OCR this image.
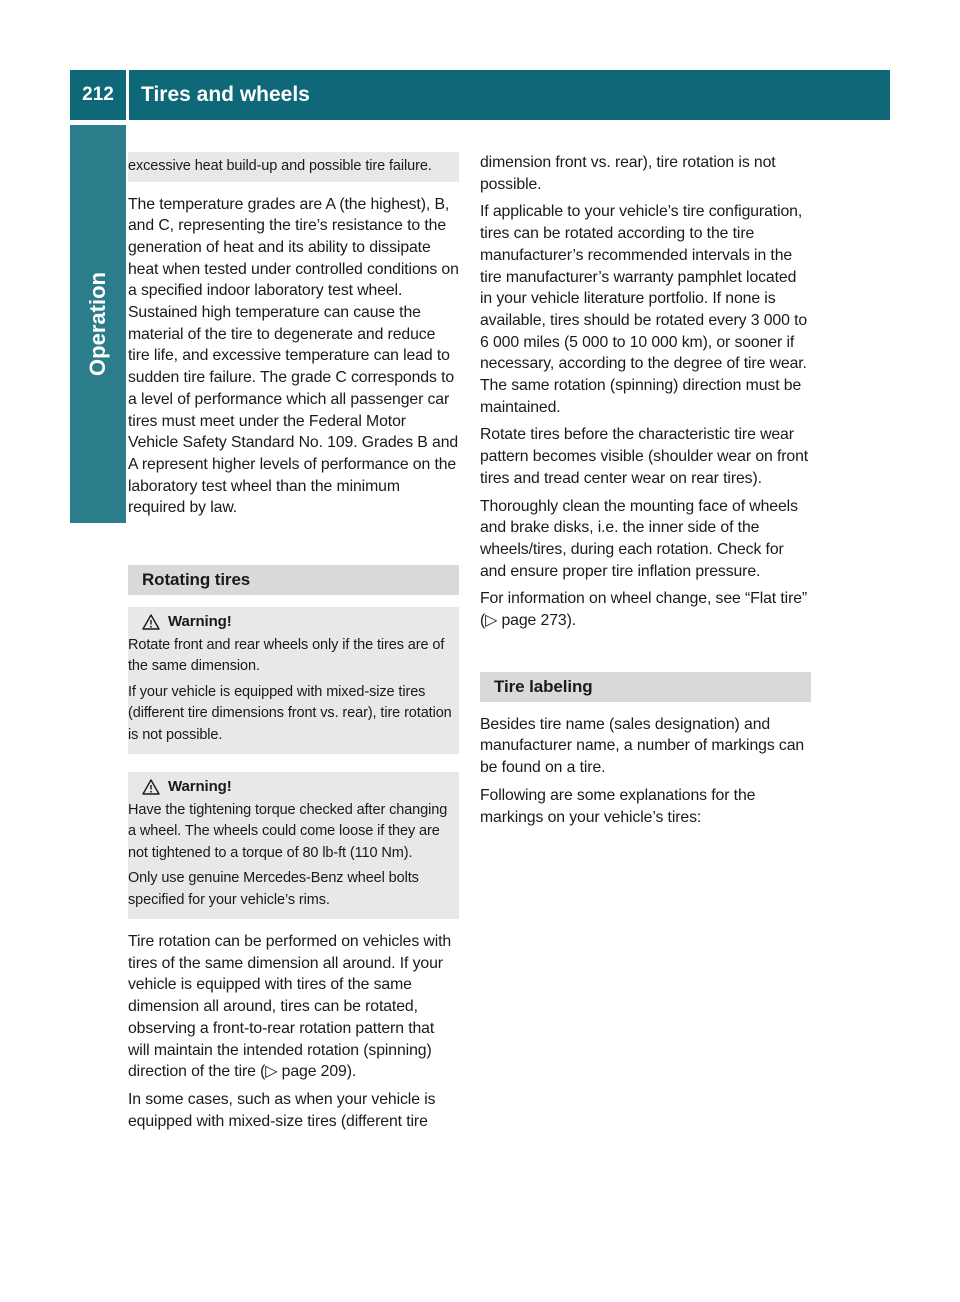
212	Tires and wheels
Operation

excessive heat build-up and possible tire failure.

The temperature grades are A (the highest), B, and C, representing the tire’s resistance to the generation of heat and its ability to dissipate heat when tested under controlled conditions on a specified indoor laboratory test wheel. Sustained high temperature can cause the material of the tire to degenerate and reduce tire life, and excessive temperature can lead to sudden tire failure. The grade C corresponds to a level of performance which all passenger car tires must meet under the Federal Motor Vehicle Safety Standard No. 109. Grades B and A represent higher levels of performance on the laboratory test wheel than the minimum required by law.

Rotating tires
Warning!

Rotate front and rear wheels only if the tires are of the same dimension.

If your vehicle is equipped with mixed-size tires (different tire dimensions front vs. rear), tire rotation is not possible.

Warning!

Have the tightening torque checked after changing a wheel. The wheels could come loose if they are not tightened to a torque of 80 lb-ft (110 Nm).

Only use genuine Mercedes-Benz wheel bolts specified for your vehicle’s rims.

Tire rotation can be performed on vehicles with tires of the same dimension all around. If your vehicle is equipped with tires of the same dimension all around, tires can be rotated, observing a front-to-rear rotation pattern that will maintain the intended rotation (spinning) direction of the tire (▷ page 209).

In some cases, such as when your vehicle is equipped with mixed-size tires (different tire

dimension front vs. rear), tire rotation is not possible.

If applicable to your vehicle’s tire configuration, tires can be rotated according to the tire manufacturer’s recommended intervals in the tire manufacturer’s warranty pamphlet located in your vehicle literature portfolio. If none is available, tires should be rotated every 3 000 to 6 000 miles (5 000 to 10 000 km), or sooner if necessary, according to the degree of tire wear. The same rotation (spinning) direction must be maintained.

Rotate tires before the characteristic tire wear pattern becomes visible (shoulder wear on front tires and tread center wear on rear tires).

Thoroughly clean the mounting face of wheels and brake disks, i.e. the inner side of the wheels/tires, during each rotation. Check for and ensure proper tire inflation pressure.

For information on wheel change, see “Flat tire” (▷ page 273).

Tire labeling

Besides tire name (sales designation) and manufacturer name, a number of markings can be found on a tire.

Following are some explanations for the markings on your vehicle’s tires:
